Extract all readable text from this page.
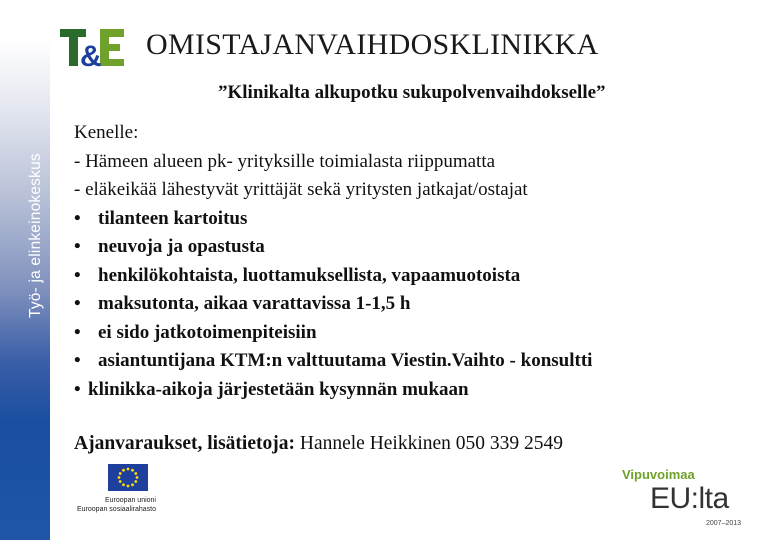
Työ- ja elinkeinokeskus
& OMISTAJANVAIHDOSKLINIKKA
”Klinikalta alkupotku sukupolvenvaihdokselle”
Kenelle:
- Hämeen alueen pk- yrityksille toimialasta riippumatta
- eläkeikää lähestyvät yrittäjät sekä yritysten jatkajat/ostajat
• tilanteen kartoitus
• neuvoja ja opastusta
• henkilökohtaista, luottamuksellista, vapaamuotoista
• maksutonta, aikaa varattavissa 1-1,5 h
• ei sido jatkotoimenpiteisiin
• asiantuntijana KTM:n valttuutama Viestin.Vaihto - konsultti
• klinikka-aikoja järjestetään kysynnän mukaan
Ajanvaraukset, lisätietoja: Hannele Heikkinen 050 339 2549
Euroopan unioni
Euroopan sosiaalirahasto
Vipuvoimaa
EU:lta
2007–2013
